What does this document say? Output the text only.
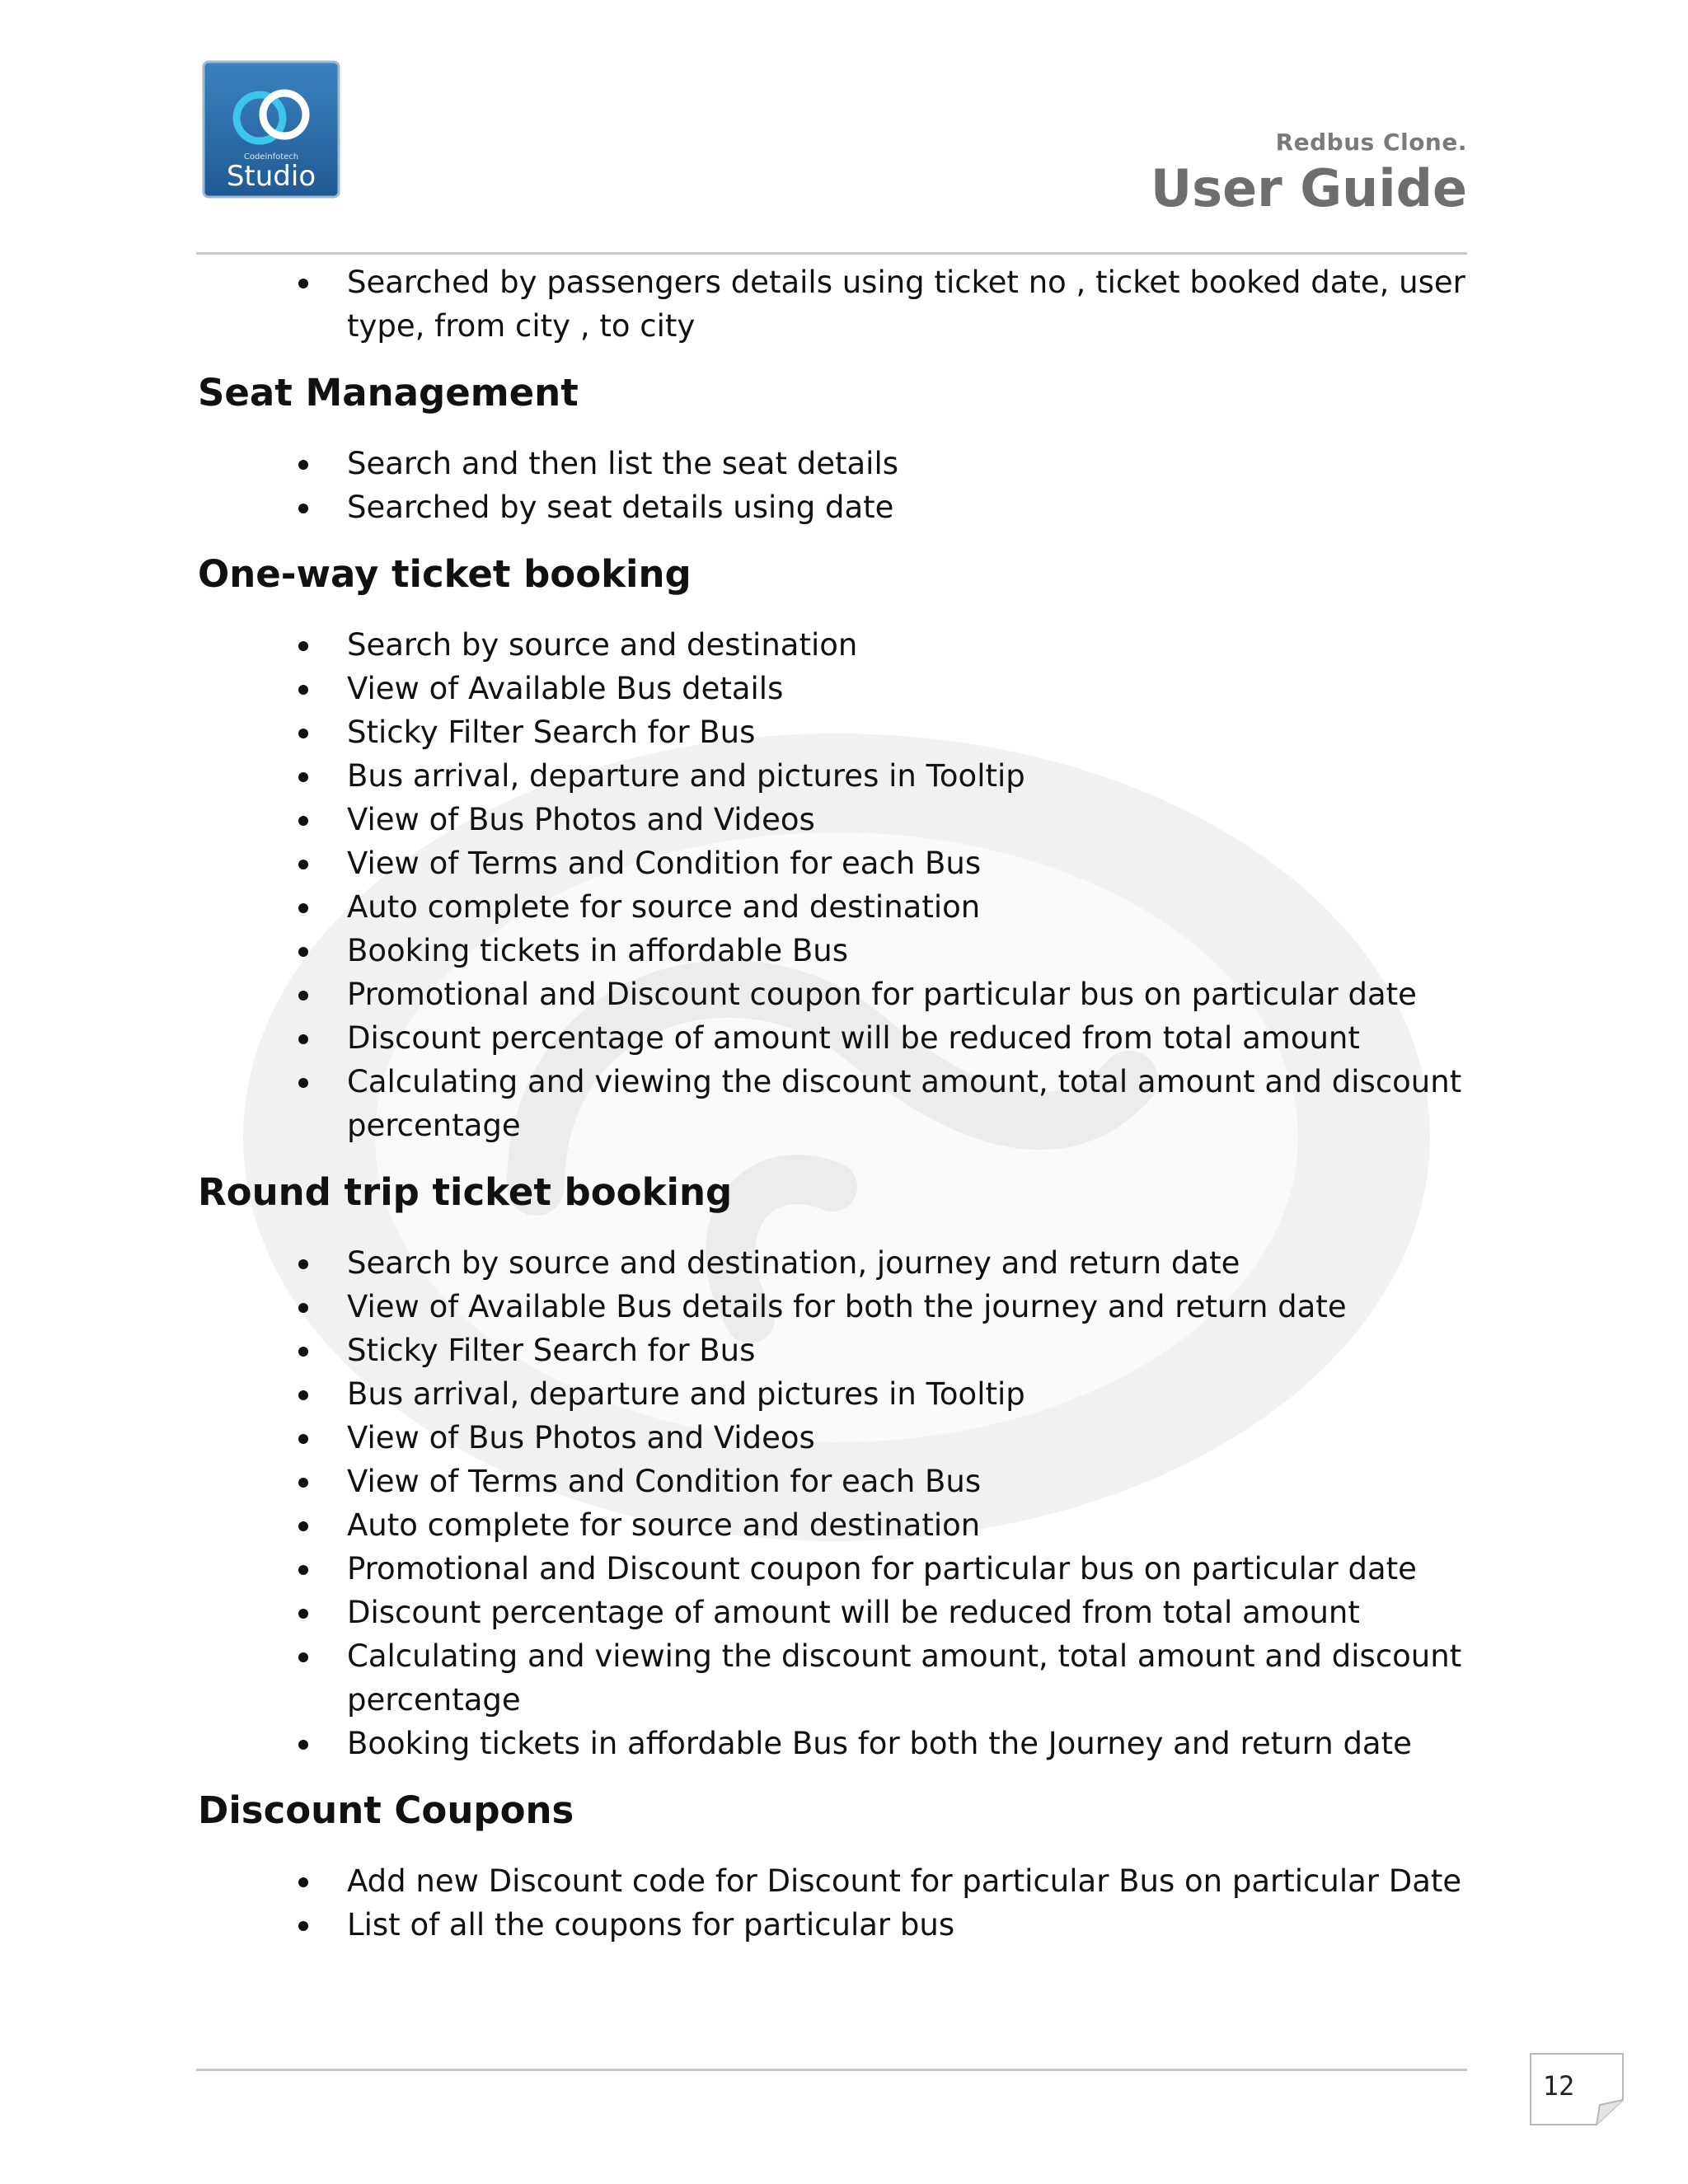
Codeinfotech
Studio
Redbus Clone.
User Guide
Searched by passengers details using ticket no , ticket booked date, user type, from city , to city
Seat Management
Search and then list the seat details
Searched by seat details using date
One-way ticket booking
Search by source and destination
View of Available Bus details
Sticky Filter Search for Bus
Bus arrival, departure and pictures in Tooltip
View of Bus Photos and Videos
View of Terms and Condition for each Bus
Auto complete for source and destination
Booking tickets in affordable Bus
Promotional and Discount coupon for particular bus on particular date
Discount percentage of amount will be reduced from total amount
Calculating and viewing the discount amount, total amount and discount percentage
Round trip ticket booking
Search by source and destination, journey and return date
View of Available Bus details for both the journey and return date
Sticky Filter Search for Bus
Bus arrival, departure and pictures in Tooltip
View of Bus Photos and Videos
View of Terms and Condition for each Bus
Auto complete for source and destination
Promotional and Discount coupon for particular bus on particular date
Discount percentage of amount will be reduced from total amount
Calculating and viewing the discount amount, total amount and discount percentage
Booking tickets in affordable Bus for both the Journey and return date
Discount Coupons
Add new Discount code for Discount for particular Bus on particular Date
List of all the coupons for particular bus
12
